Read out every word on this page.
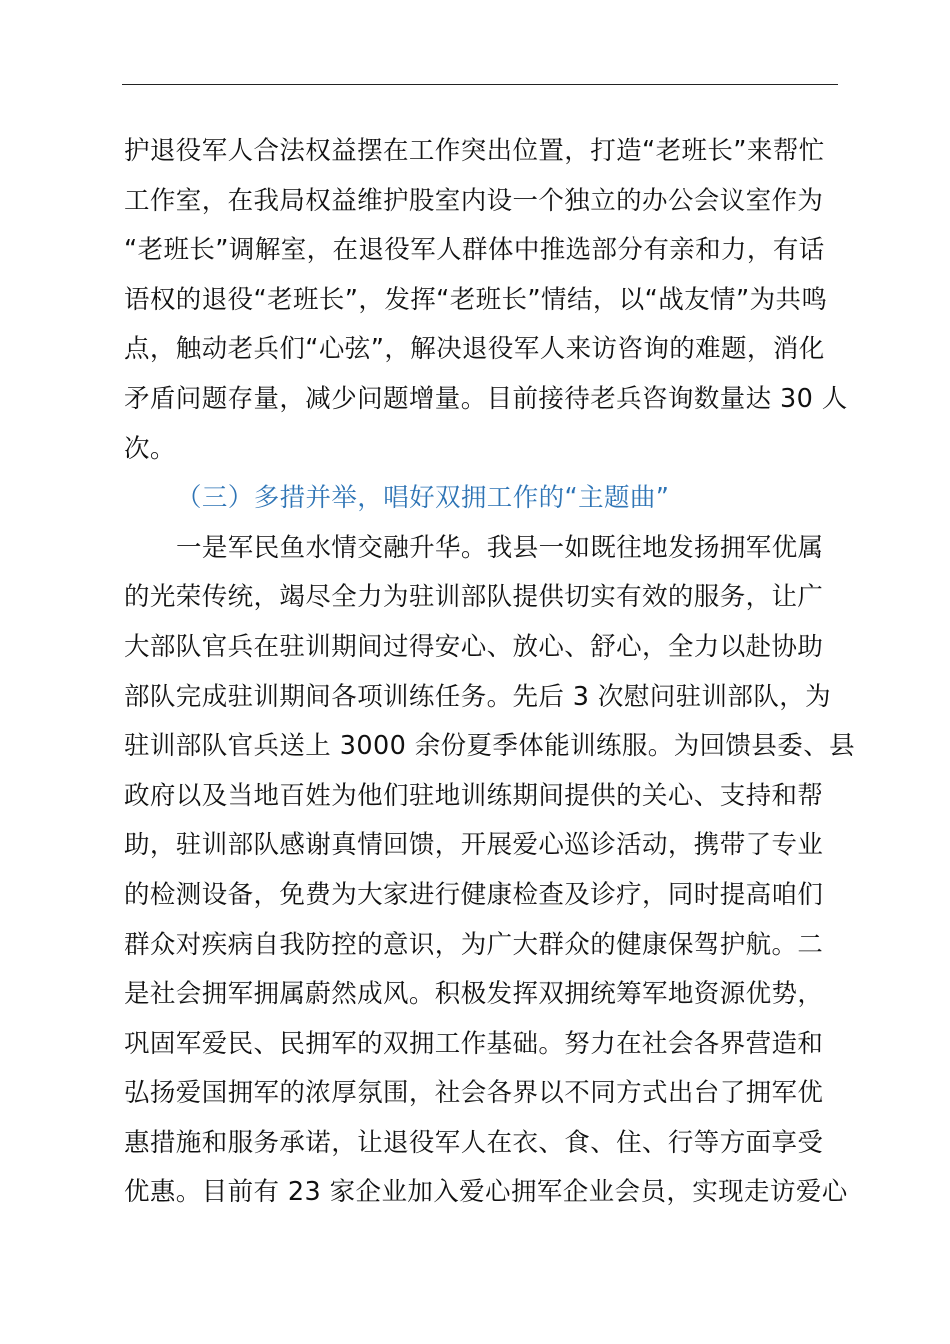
护退役军人合法权益摆在工作突出位置，打造“老班长”来帮忙
工作室，在我局权益维护股室内设一个独立的办公会议室作为
“老班长”调解室，在退役军人群体中推选部分有亲和力，有话
语权的退役“老班长”，发挥“老班长”情结，以“战友情”为共鸣
点，触动老兵们“心弦”，解决退役军人来访咨询的难题，消化
矛盾问题存量，减少问题增量。目前接待老兵咨询数量达 30 人
次。
（三）多措并举，唱好双拥工作的“主题曲”
一是军民鱼水情交融升华。我县一如既往地发扬拥军优属
的光荣传统，竭尽全力为驻训部队提供切实有效的服务，让广
大部队官兵在驻训期间过得安心、放心、舒心，全力以赴协助
部队完成驻训期间各项训练任务。先后 3 次慰问驻训部队，为
驻训部队官兵送上 3000 余份夏季体能训练服。为回馈县委、县
政府以及当地百姓为他们驻地训练期间提供的关心、支持和帮
助，驻训部队感谢真情回馈，开展爱心巡诊活动，携带了专业
的检测设备，免费为大家进行健康检查及诊疗，同时提高咱们
群众对疾病自我防控的意识，为广大群众的健康保驾护航。二
是社会拥军拥属蔚然成风。积极发挥双拥统筹军地资源优势，
巩固军爱民、民拥军的双拥工作基础。努力在社会各界营造和
弘扬爱国拥军的浓厚氛围，社会各界以不同方式出台了拥军优
惠措施和服务承诺，让退役军人在衣、食、住、行等方面享受
优惠。目前有 23 家企业加入爱心拥军企业会员，实现走访爱心
